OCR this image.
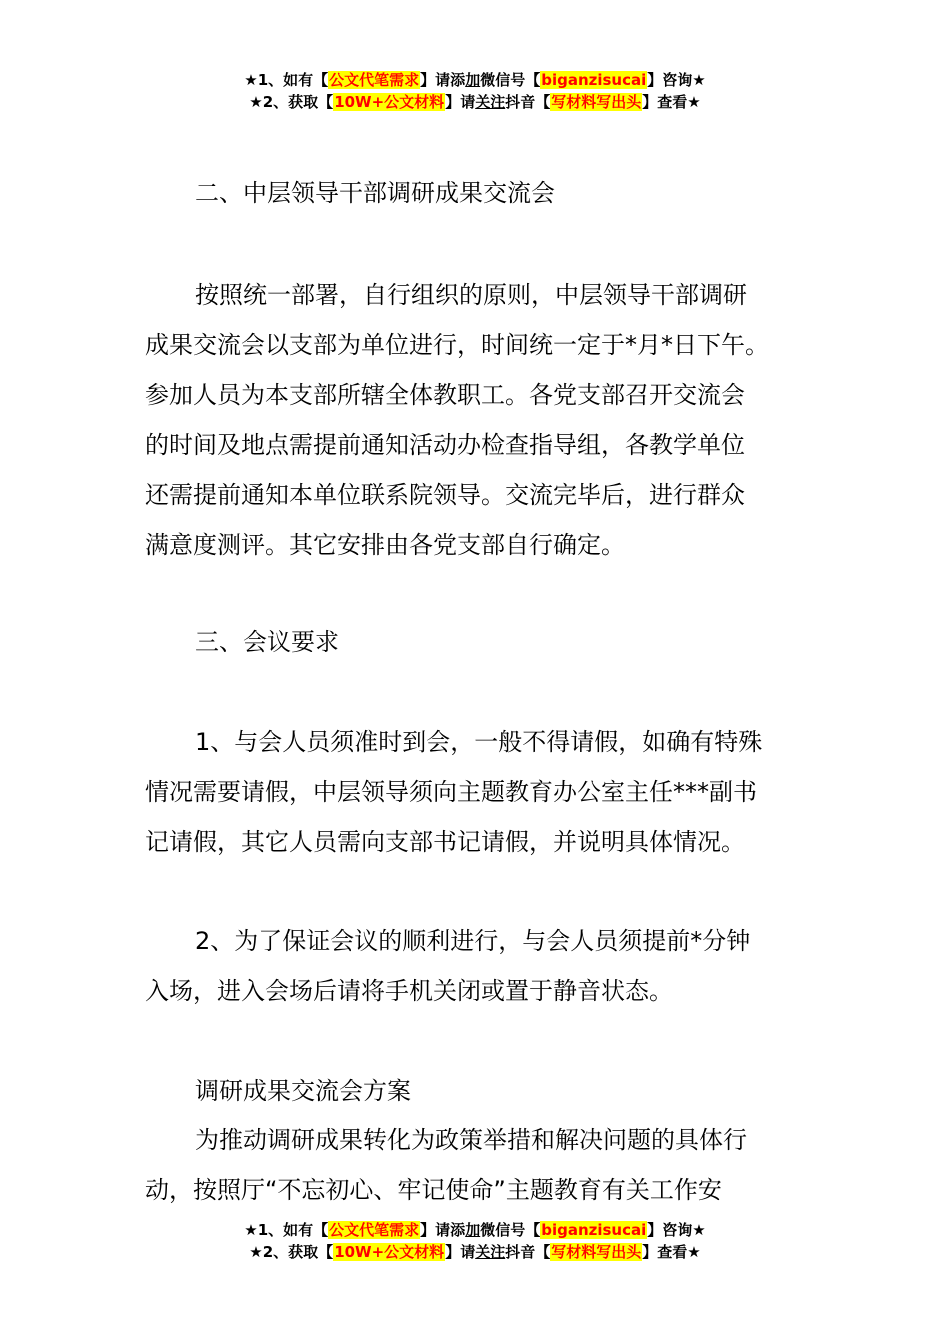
★1、如有【公文代笔需求】请添加微信号【biganzisucai】咨询★
★2、获取【10W+公文材料】请关注抖音【写材料写出头】查看★
二、中层领导干部调研成果交流会
按照统一部署，自行组织的原则，中层领导干部调研
成果交流会以支部为单位进行，时间统一定于*月*日下午。
参加人员为本支部所辖全体教职工。各党支部召开交流会
的时间及地点需提前通知活动办检查指导组，各教学单位
还需提前通知本单位联系院领导。交流完毕后，进行群众
满意度测评。其它安排由各党支部自行确定。
三、会议要求
1、与会人员须准时到会，一般不得请假，如确有特殊
情况需要请假，中层领导须向主题教育办公室主任***副书
记请假，其它人员需向支部书记请假，并说明具体情况。
2、为了保证会议的顺利进行，与会人员须提前*分钟
入场，进入会场后请将手机关闭或置于静音状态。
调研成果交流会方案
为推动调研成果转化为政策举措和解决问题的具体行
动，按照厅“不忘初心、牢记使命”主题教育有关工作安
★1、如有【公文代笔需求】请添加微信号【biganzisucai】咨询★
★2、获取【10W+公文材料】请关注抖音【写材料写出头】查看★
